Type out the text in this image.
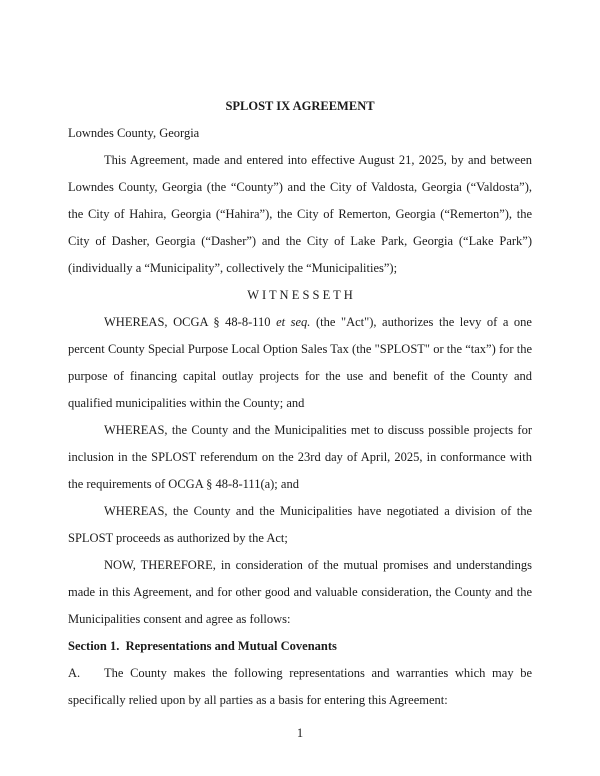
SPLOST IX AGREEMENT

Lowndes County, Georgia

This Agreement, made and entered into effective August 21, 2025, by and between Lowndes County, Georgia (the “County”) and the City of Valdosta, Georgia (“Valdosta”), the City of Hahira, Georgia (“Hahira”), the City of Remerton, Georgia (“Remerton”), the City of Dasher, Georgia (“Dasher”) and the City of Lake Park, Georgia (“Lake Park”) (individually a “Municipality”, collectively the “Municipalities”);

W I T N E S S E T H

WHEREAS, OCGA § 48-8-110 et seq. (the "Act"), authorizes the levy of a one percent County Special Purpose Local Option Sales Tax (the "SPLOST" or the “tax”) for the purpose of financing capital outlay projects for the use and benefit of the County and qualified municipalities within the County; and

WHEREAS, the County and the Municipalities met to discuss possible projects for inclusion in the SPLOST referendum on the 23rd day of April, 2025, in conformance with the requirements of OCGA § 48-8-111(a); and

WHEREAS, the County and the Municipalities have negotiated a division of the SPLOST proceeds as authorized by the Act;

NOW, THEREFORE, in consideration of the mutual promises and understandings made in this Agreement, and for other good and valuable consideration, the County and the Municipalities consent and agree as follows:

Section 1.  Representations and Mutual Covenants

A. The County makes the following representations and warranties which may be specifically relied upon by all parties as a basis for entering this Agreement:

1
